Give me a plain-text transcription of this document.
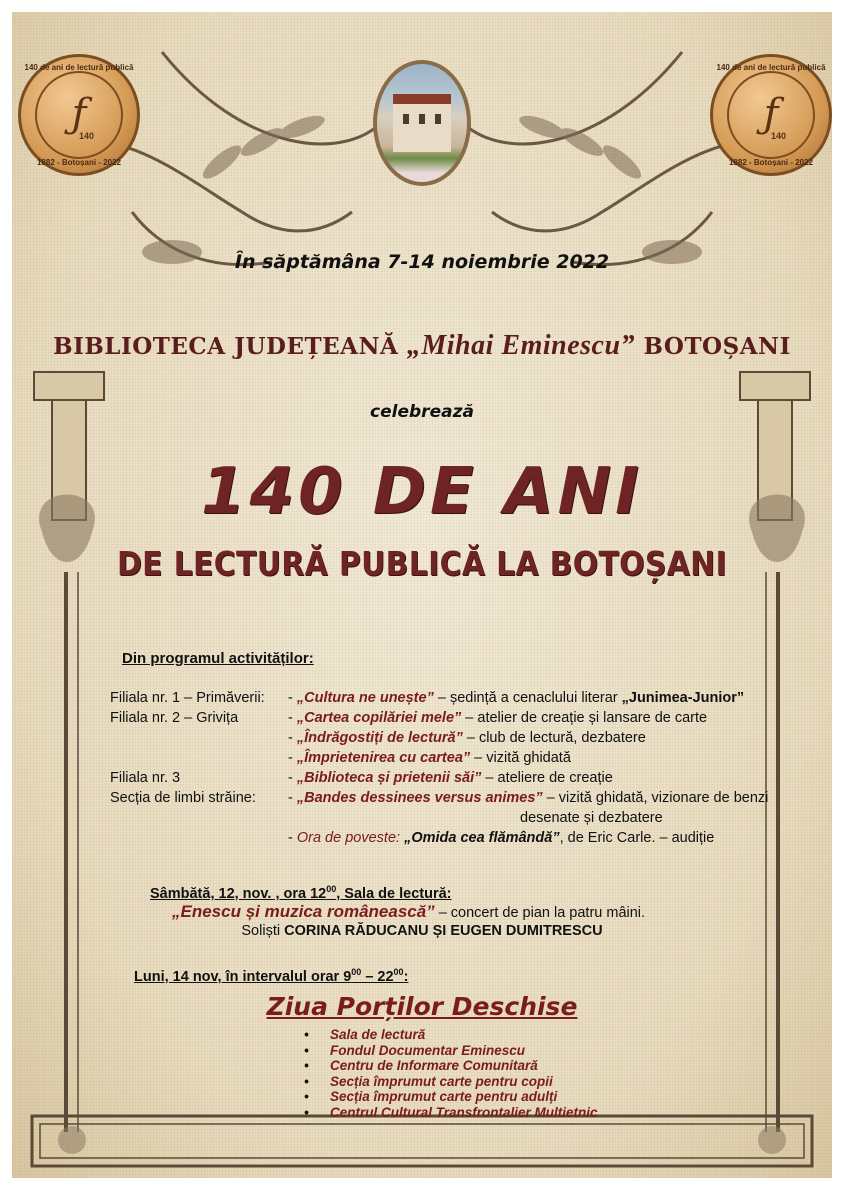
140 de ani de lectură publică
ƒ
140
1882 - Botoșani - 2022
140 de ani de lectură publică
ƒ
140
1882 - Botoșani - 2022
În săptămâna 7-14 noiembrie 2022
BIBLIOTECA JUDEȚEANĂ „Mihai Eminescu” BOTOȘANI
celebrează
140 DE ANI
DE LECTURĂ PUBLICĂ LA BOTOȘANI
Din programul activităților:
Filiala nr. 1 – Primăverii:	- „Cultura ne unește” – ședință a cenaclului literar „Junimea-Junior”
Filiala nr. 2 – Grivița	- „Cartea copilăriei mele” – atelier de creație și lansare de carte
- „Îndrăgostiți de lectură” – club de lectură, dezbatere
- „Împrietenirea cu cartea” – vizită ghidată
Filiala nr. 3	- „Biblioteca și prietenii săi” – ateliere de creație
Secția de limbi străine:	- „Bandes dessinees versus animes” – vizită ghidată, vizionare de benzi
desenate și dezbatere
- Ora de poveste: „Omida cea flămândă”, de Eric Carle. – audiție
Sâmbătă, 12, nov. , ora $12^{00}$, Sala de lectură:
„Enescu și muzica românească” – concert de pian la patru mâini.
Soliști CORINA RĂDUCANU ȘI EUGEN DUMITRESCU
Luni, 14 nov, în intervalul orar $9^{00} - 22^{00}$:
Ziua Porților Deschise
• Sala de lectură
• Fondul Documentar Eminescu
• Centru de Informare Comunitară
• Secția împrumut carte pentru copii
• Secția împrumut carte pentru adulți
• Centrul Cultural Transfrontalier Multietnic
